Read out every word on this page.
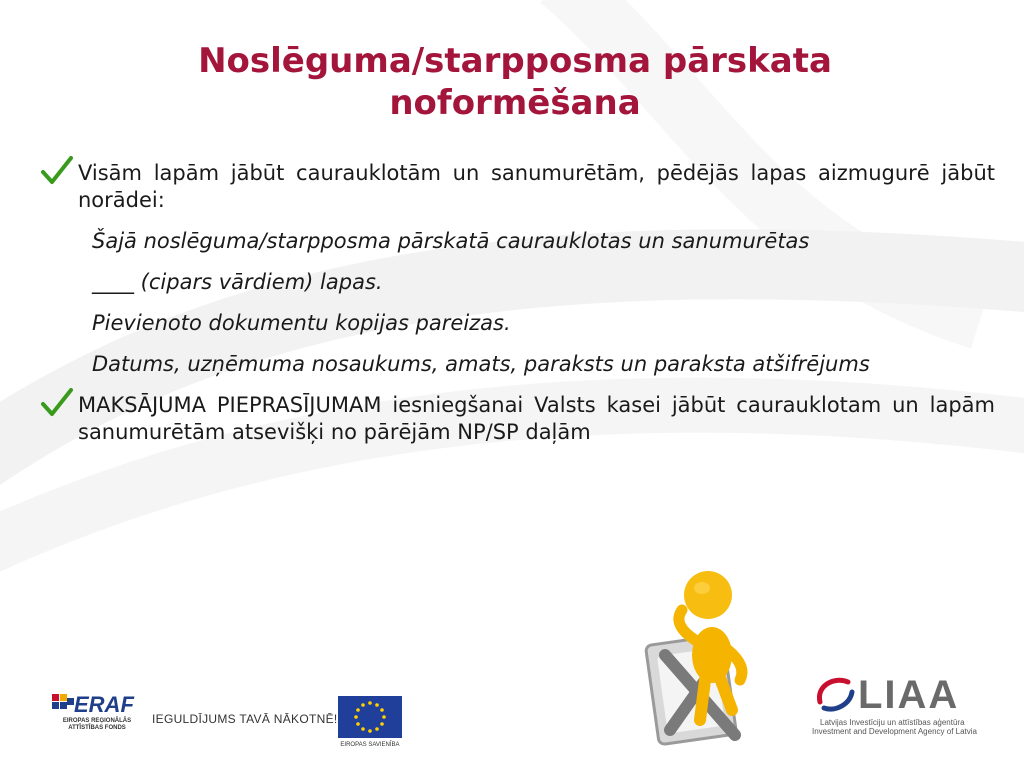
Noslēguma/starpposma pārskata noformēšana
Visām lapām jābūt caurauklotām un sanumurētām, pēdējās lapas aizmugurē jābūt norādei:
Šajā noslēguma/starpposma pārskatā caurauklotas un sanumurētas
____ (cipars vārdiem) lapas.
Pievienoto dokumentu kopijas pareizas.
Datums, uzņēmuma nosaukums, amats, paraksts un paraksta atšifrējums
MAKSĀJUMA PIEPRASĪJUMAM iesniegšanai Valsts kasei jābūt caurauklotam un lapām sanumurētām atsevišķi no pārējām NP/SP daļām
ERAF
EIROPAS REĢIONĀLĀS
ATTĪSTĪBAS FONDS
IEGULDĪJUMS TAVĀ NĀKOTNĒ!
EIROPAS SAVIENĪBA
LIAA
Latvijas Investīciju un attīstības aģentūra
Investment and Development Agency of Latvia
